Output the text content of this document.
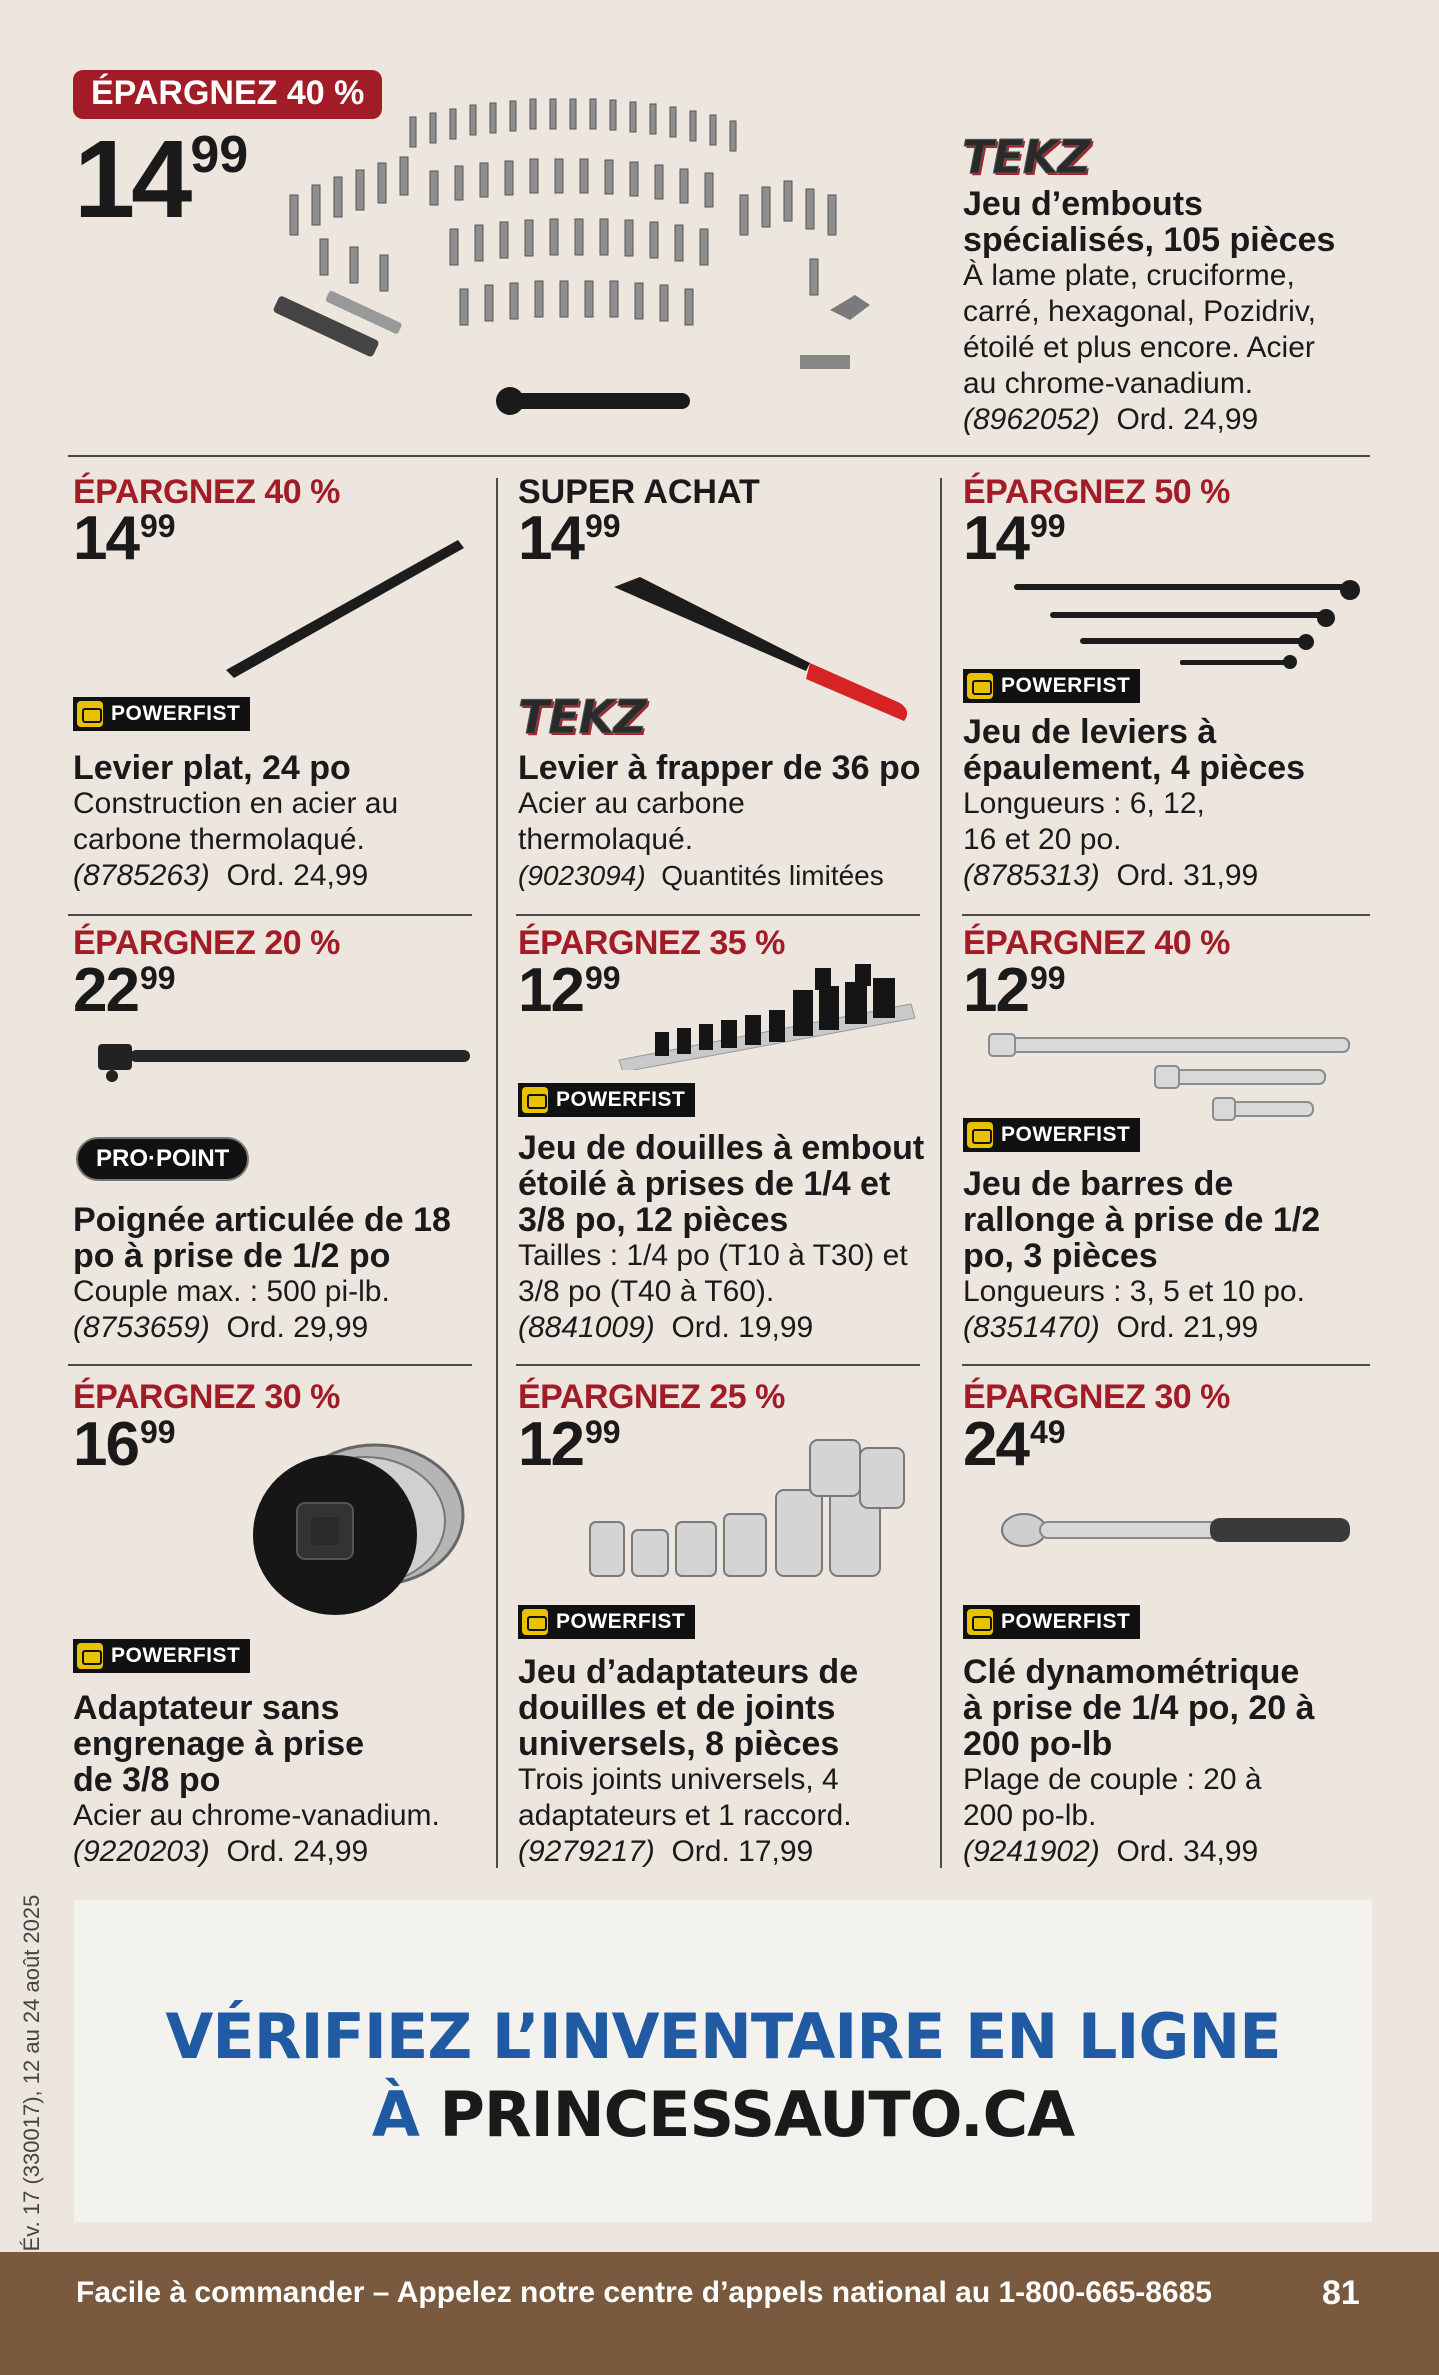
ÉPARGNEZ 40 %
$14^{99}$	TEKZ
Jeu d’embouts spécialisés, 105 pièces
À lame plate, cruciforme, carré, hexagonal, Pozidriv, étoilé et plus encore. Acier au chrome-vanadium.
(8962052) Ord. 24,99
ÉPARGNEZ 40 %
$14^{99}$
POWERFIST
Levier plat, 24 po
Construction en acier au carbone thermolaqué.
(8785263) Ord. 24,99
SUPER ACHAT
$14^{99}$
TEKZ
Levier à frapper de 36 po
Acier au carbone thermolaqué.
(9023094) Quantités limitées
ÉPARGNEZ 50 %
$14^{99}$
POWERFIST
Jeu de leviers à épaulement, 4 pièces
Longueurs : 6, 12, 16 et 20 po.
(8785313) Ord. 31,99
ÉPARGNEZ 20 %
$22^{99}$
PRO·POINT
Poignée articulée de 18 po à prise de 1/2 po
Couple max. : 500 pi-lb.
(8753659) Ord. 29,99
ÉPARGNEZ 35 %
$12^{99}$
POWERFIST
Jeu de douilles à embout étoilé à prises de 1/4 et 3/8 po, 12 pièces
Tailles : 1/4 po (T10 à T30) et 3/8 po (T40 à T60).
(8841009) Ord. 19,99
ÉPARGNEZ 40 %
$12^{99}$
POWERFIST
Jeu de barres de rallonge à prise de 1/2 po, 3 pièces
Longueurs : 3, 5 et 10 po.
(8351470) Ord. 21,99
ÉPARGNEZ 30 %
$16^{99}$
POWERFIST
Adaptateur sans engrenage à prise de 3/8 po
Acier au chrome-vanadium.
(9220203) Ord. 24,99
ÉPARGNEZ 25 %
$12^{99}$
POWERFIST
Jeu d’adaptateurs de douilles et de joints universels, 8 pièces
Trois joints universels, 4 adaptateurs et 1 raccord.
(9279217) Ord. 17,99
ÉPARGNEZ 30 %
$24^{49}$
POWERFIST
Clé dynamométrique à prise de 1/4 po, 20 à 200 po-lb
Plage de couple : 20 à 200 po-lb.
(9241902) Ord. 34,99
Év. 17 (330017), 12 au 24 août 2025	VÉRIFIEZ L’INVENTAIRE EN LIGNE
À PRINCESSAUTO.CA
Facile à commander – Appelez notre centre d’appels national au 1-800-665-8685	81
